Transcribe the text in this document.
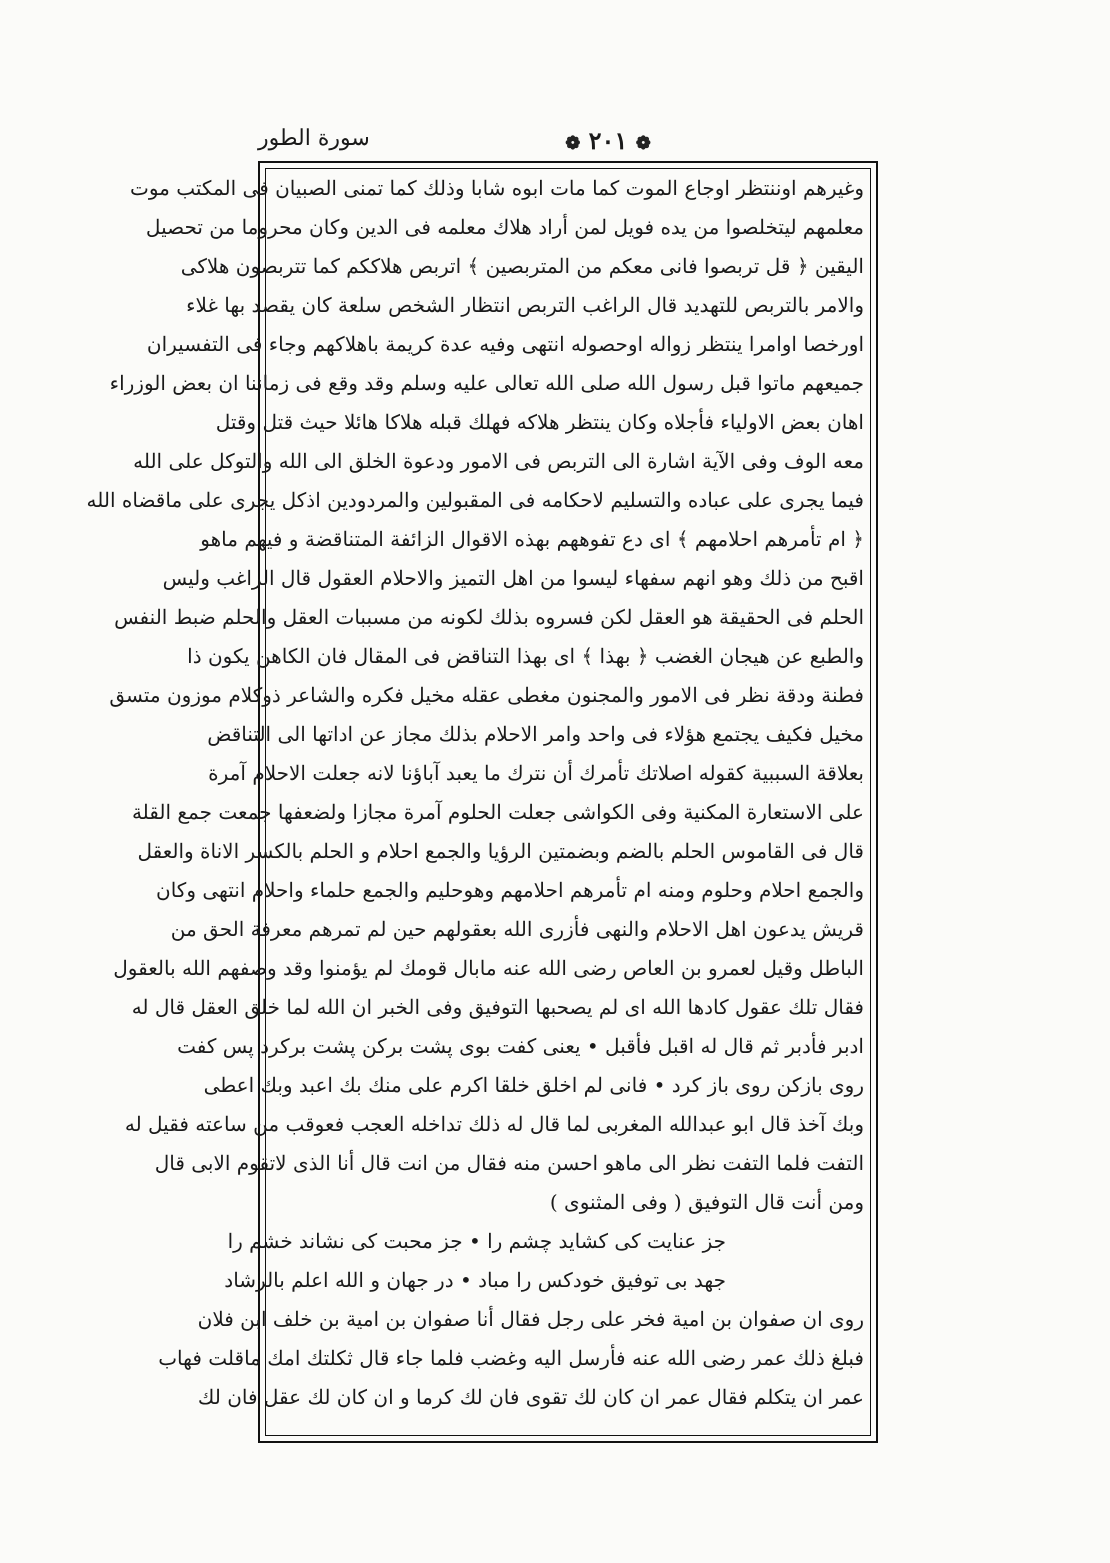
سورة الطور	❁ ٢٠١ ❁
وغيرهم اوننتظر اوجاع الموت كما مات ابوه شابا وذلك كما تمنى الصبيان فى المكتب موت
معلمهم ليتخلصوا من يده فويل لمن أراد هلاك معلمه فى الدين وكان محروما من تحصيل
اليقين ﴿ قل تربصوا فانى معكم من المتربصين ﴾ اتربص هلاككم كما تتربصون هلاكى
والامر بالتربص للتهديد قال الراغب التربص انتظار الشخص سلعة كان يقصد بها غلاء
اورخصا اوامرا ينتظر زواله اوحصوله انتهى وفيه عدة كريمة باهلاكهم وجاء فى التفسيران
جميعهم ماتوا قبل رسول الله صلى الله تعالى عليه وسلم وقد وقع فى زماننا ان بعض الوزراء
اهان بعض الاولياء فأجلاه وكان ينتظر هلاكه فهلك قبله هلاكا هائلا حيث قتل وقتل
معه الوف وفى الآية اشارة الى التربص فى الامور ودعوة الخلق الى الله والتوكل على الله
فيما يجرى على عباده والتسليم لاحكامه فى المقبولين والمردودين اذكل يجرى على ماقضاه الله
﴿ ام تأمرهم احلامهم ﴾ اى دع تفوههم بهذه الاقوال الزائفة المتناقضة و فيهم ماهو
اقبح من ذلك وهو انهم سفهاء ليسوا من اهل التميز والاحلام العقول قال الراغب وليس
الحلم فى الحقيقة هو العقل لكن فسروه بذلك لكونه من مسببات العقل والحلم ضبط النفس
والطبع عن هيجان الغضب ﴿ بهذا ﴾ اى بهذا التناقض فى المقال فان الكاهن يكون ذا
فطنة ودقة نظر فى الامور والمجنون مغطى عقله مخيل فكره والشاعر ذوكلام موزون متسق
مخيل فكيف يجتمع هؤلاء فى واحد وامر الاحلام بذلك مجاز عن اداتها الى التناقض
بعلاقة السببية كقوله اصلاتك تأمرك أن نترك ما يعبد آباؤنا لانه جعلت الاحلام آمرة
على الاستعارة المكنية وفى الكواشى جعلت الحلوم آمرة مجازا ولضعفها جمعت جمع القلة
قال فى القاموس الحلم بالضم وبضمتين الرؤيا والجمع احلام و الحلم بالكسر الاناة والعقل
والجمع احلام وحلوم ومنه ام تأمرهم احلامهم وهوحليم والجمع حلماء واحلام انتهى وكان
قريش يدعون اهل الاحلام والنهى فأزرى الله بعقولهم حين لم تمرهم معرفة الحق من
الباطل وقيل لعمرو بن العاص رضى الله عنه مابال قومك لم يؤمنوا وقد وصفهم الله بالعقول
فقال تلك عقول كادها الله اى لم يصحبها التوفيق وفى الخبر ان الله لما خلق العقل قال له
ادبر فأدبر ثم قال له اقبل فأقبل • يعنى كفت بوى پشت بركن پشت بركرد پس كفت
روى بازكن روى باز كرد • فانى لم اخلق خلقا اكرم على منك بك اعبد وبك اعطى
وبك آخذ قال ابو عبدالله المغربى لما قال له ذلك تداخله العجب فعوقب من ساعته فقيل له
التفت فلما التفت نظر الى ماهو احسن منه فقال من انت قال أنا الذى لاتقوم الابى قال
ومن أنت قال التوفيق ( وفى المثنوى )
جز عنايت كى كشايد چشم را • جز محبت كى نشاند خشم را
جهد بى توفيق خودكس را مباد • در جهان و الله اعلم بالرشاد
روى ان صفوان بن امية فخر على رجل فقال أنا صفوان بن امية بن خلف ابن فلان
فبلغ ذلك عمر رضى الله عنه فأرسل اليه وغضب فلما جاء قال ثكلتك امك ماقلت فهاب
عمر ان يتكلم فقال عمر ان كان لك تقوى فان لك كرما و ان كان لك عقل فان لك
